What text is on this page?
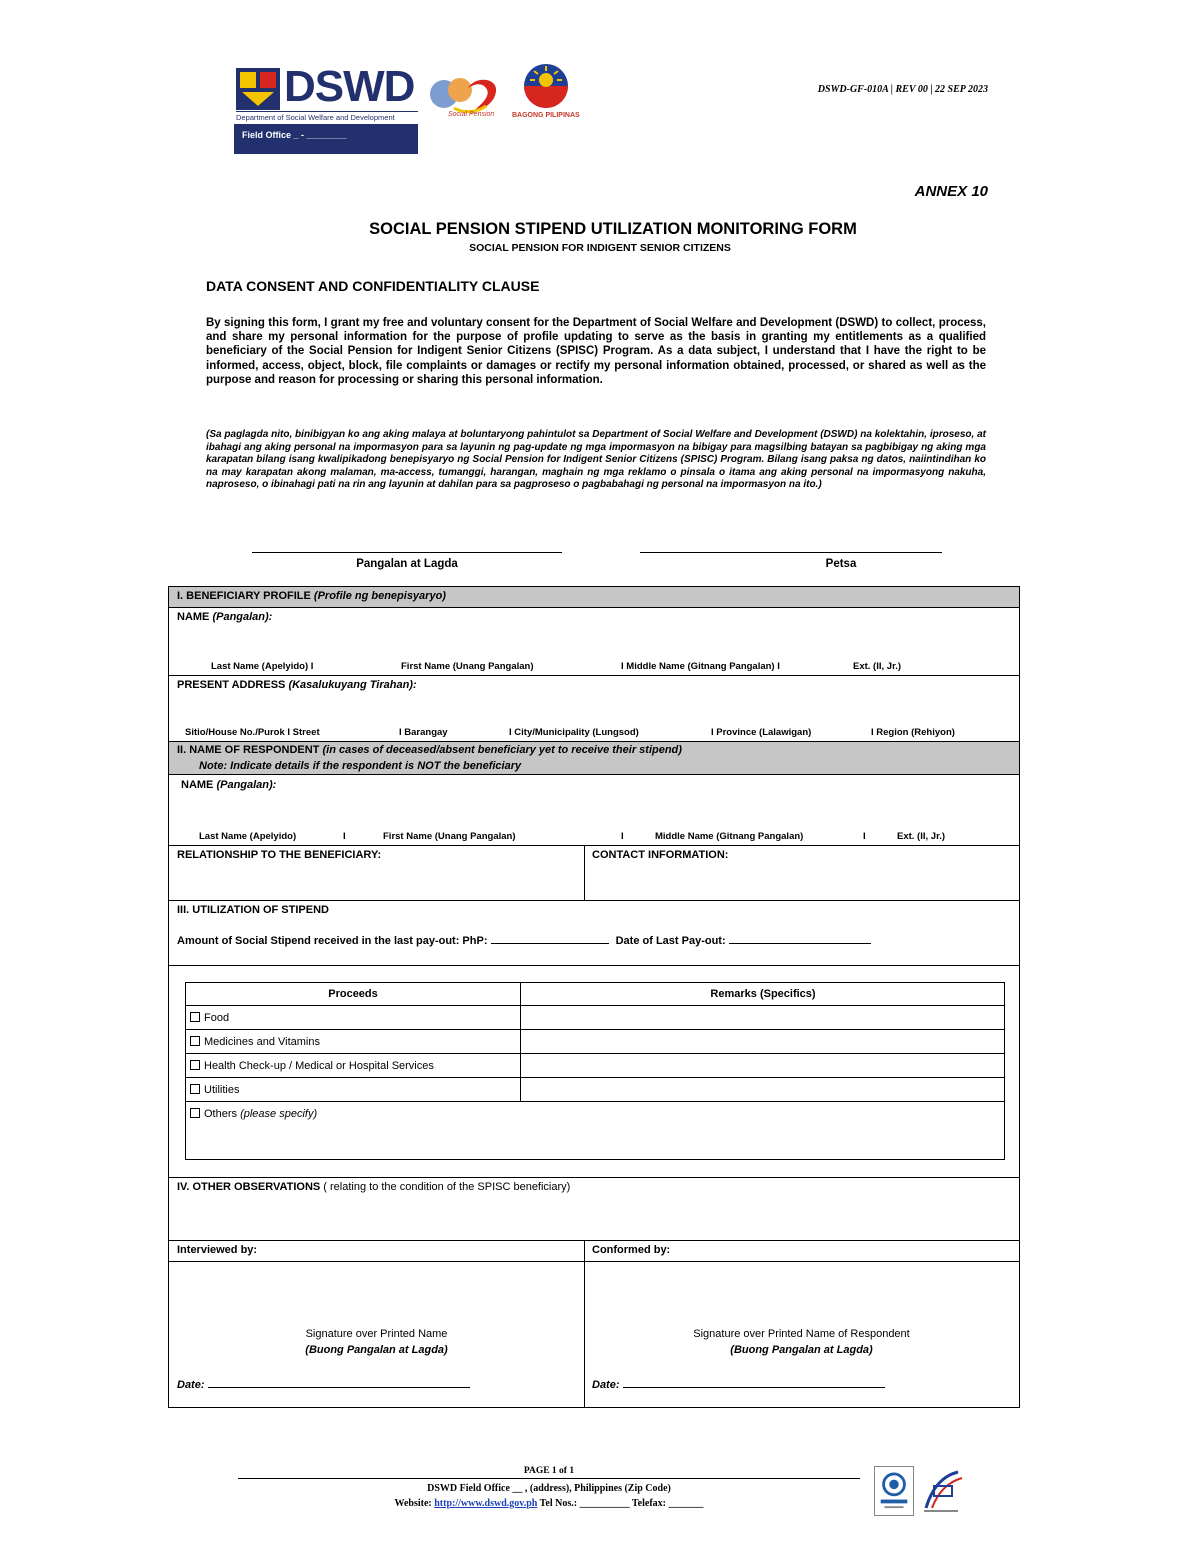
DSWD
Department of Social Welfare and Development
Field Office _ - ________
Social Pension	BAGONG PILIPINAS
DSWD-GF-010A | REV 00 | 22 SEP 2023
ANNEX 10
SOCIAL PENSION STIPEND UTILIZATION MONITORING FORM
SOCIAL PENSION FOR INDIGENT SENIOR CITIZENS
DATA CONSENT AND CONFIDENTIALITY CLAUSE
By signing this form, I grant my free and voluntary consent for the Department of Social Welfare and Development (DSWD) to collect, process, and share my personal information for the purpose of profile updating to serve as the basis in granting my entitlements as a qualified beneficiary of the Social Pension for Indigent Senior Citizens (SPISC) Program. As a data subject, I understand that I have the right to be informed, access, object, block, file complaints or damages or rectify my personal information obtained, processed, or shared as well as the purpose and reason for processing or sharing this personal information.
(Sa paglagda nito, binibigyan ko ang aking malaya at boluntaryong pahintulot sa Department of Social Welfare and Development (DSWD) na kolektahin, iproseso, at ibahagi ang aking personal na impormasyon para sa layunin ng pag-update ng mga impormasyon na bibigay para magsilbing batayan sa pagbibigay ng aking mga karapatan bilang isang kwalipikadong benepisyaryo ng Social Pension for Indigent Senior Citizens (SPISC) Program. Bilang isang paksa ng datos, naiintindihan ko na may karapatan akong malaman, ma-access, tumanggi, harangan, maghain ng mga reklamo o pinsala o itama ang aking personal na impormasyong nakuha, naproseso, o ibinahagi pati na rin ang layunin at dahilan para sa pagproseso o pagbabahagi ng personal na impormasyon na ito.)
Pangalan at Lagda	Petsa
I. BENEFICIARY PROFILE (Profile ng benepisyaryo)
NAME (Pangalan):
Last Name (Apelyido) I	First Name (Unang Pangalan)	I Middle Name (Gitnang Pangalan) I	Ext. (II, Jr.)
PRESENT ADDRESS (Kasalukuyang Tirahan):
Sitio/House No./Purok I Street	I Barangay	I City/Municipality (Lungsod)	I Province (Lalawigan)	I Region (Rehiyon)
II. NAME OF RESPONDENT (in cases of deceased/absent beneficiary yet to receive their stipend)
Note: Indicate details if the respondent is NOT the beneficiary
NAME (Pangalan):
Last Name (Apelyido)	I	First Name (Unang Pangalan)	I	Middle Name (Gitnang Pangalan)	I	Ext. (II, Jr.)
RELATIONSHIP TO THE BENEFICIARY:	CONTACT INFORMATION:
III. UTILIZATION OF STIPEND
Amount of Social Stipend received in the last pay-out: PhP:	Date of Last Pay-out:
Proceeds	Remarks (Specifics)
Food
Medicines and Vitamins
Health Check-up / Medical or Hospital Services
Utilities
Others (please specify)
IV. OTHER OBSERVATIONS ( relating to the condition of the SPISC beneficiary)
Interviewed by:	Conformed by:
Signature over Printed Name
(Buong Pangalan at Lagda)
Signature over Printed Name of Respondent
(Buong Pangalan at Lagda)
Date:	Date:
PAGE 1 of 1
DSWD Field Office __ , (address), Philippines (Zip Code)
Website: http://www.dswd.gov.ph Tel Nos.: __________ Telefax: _______
